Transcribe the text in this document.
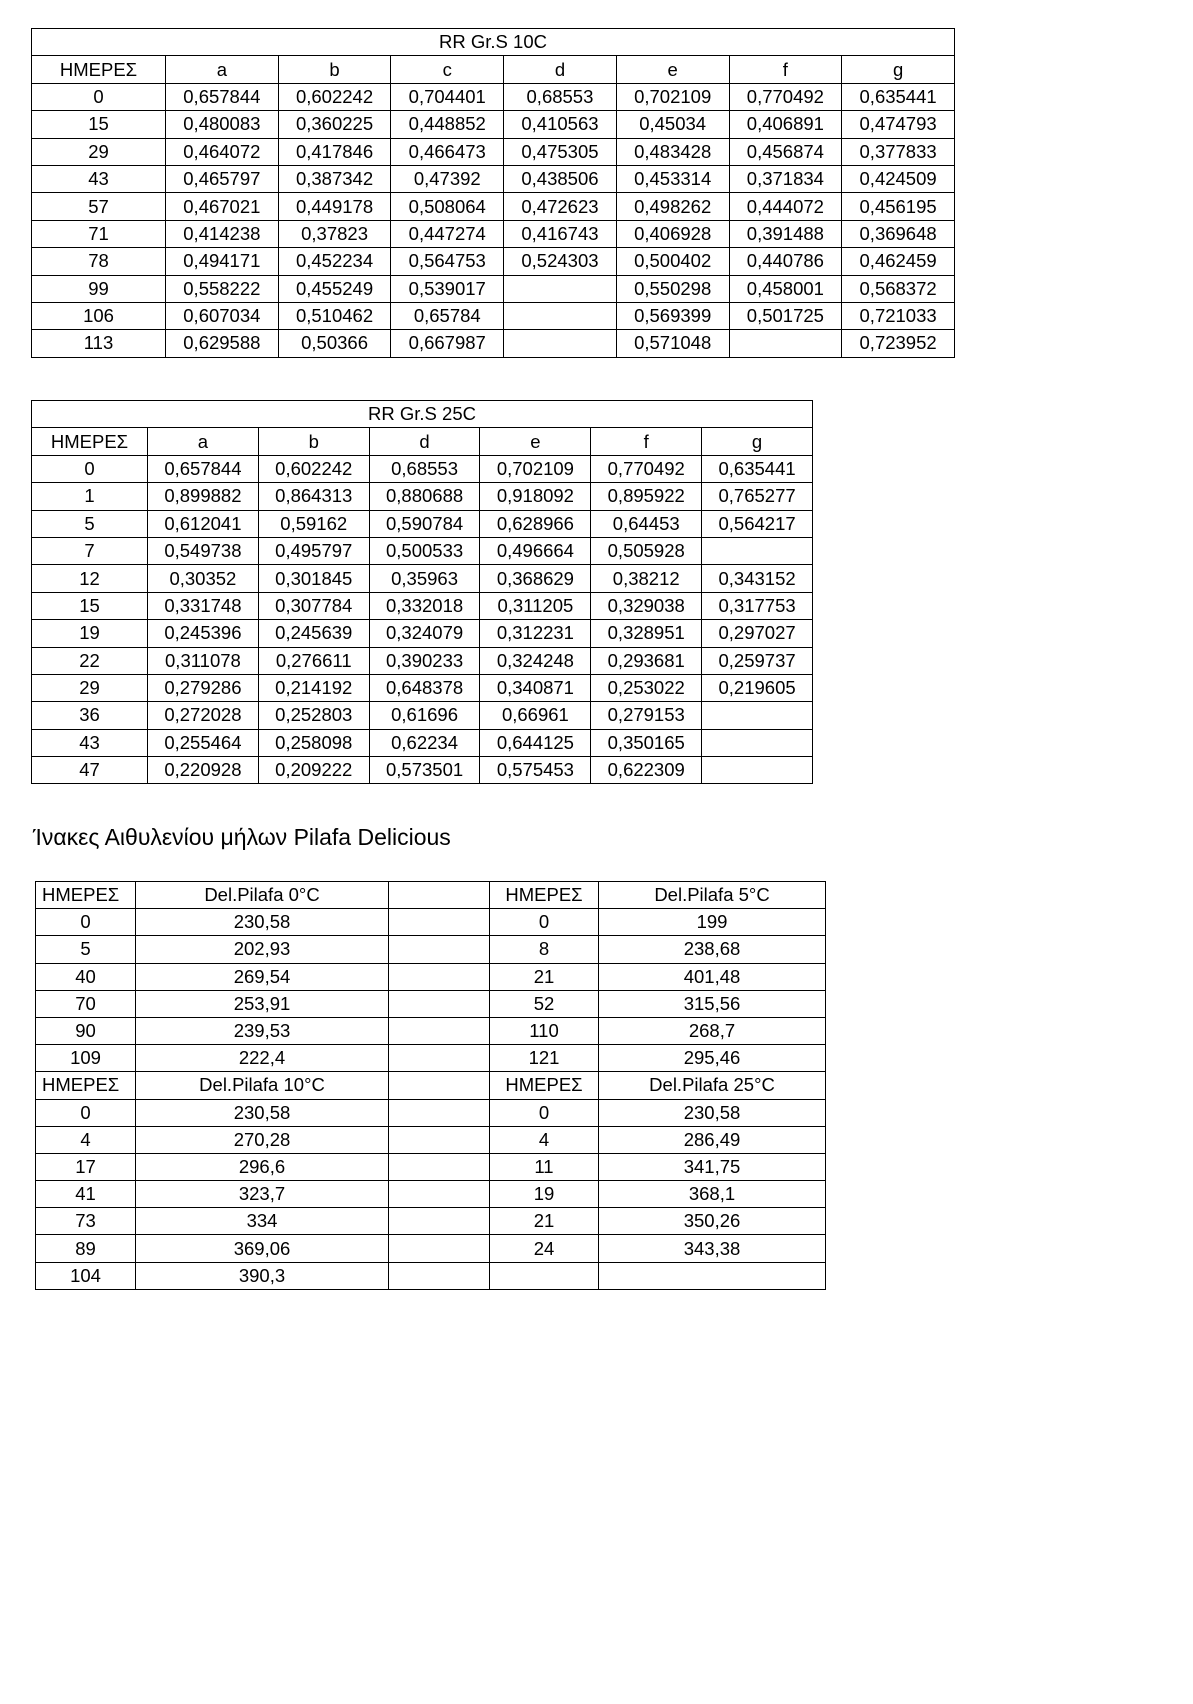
RR Gr.S 10C							
ΗΜΕΡΕΣ	a	b	c	d	e	f	g
0	0,657844	0,602242	0,704401	0,68553	0,702109	0,770492	0,635441
15	0,480083	0,360225	0,448852	0,410563	0,45034	0,406891	0,474793
29	0,464072	0,417846	0,466473	0,475305	0,483428	0,456874	0,377833
43	0,465797	0,387342	0,47392	0,438506	0,453314	0,371834	0,424509
57	0,467021	0,449178	0,508064	0,472623	0,498262	0,444072	0,456195
71	0,414238	0,37823	0,447274	0,416743	0,406928	0,391488	0,369648
78	0,494171	0,452234	0,564753	0,524303	0,500402	0,440786	0,462459
99	0,558222	0,455249	0,539017		0,550298	0,458001	0,568372
106	0,607034	0,510462	0,65784		0,569399	0,501725	0,721033
113	0,629588	0,50366	0,667987		0,571048		0,723952
RR Gr.S 25C						
ΗΜΕΡΕΣ	a	b	d	e	f	g
0	0,657844	0,602242	0,68553	0,702109	0,770492	0,635441
1	0,899882	0,864313	0,880688	0,918092	0,895922	0,765277
5	0,612041	0,59162	0,590784	0,628966	0,64453	0,564217
7	0,549738	0,495797	0,500533	0,496664	0,505928	
12	0,30352	0,301845	0,35963	0,368629	0,38212	0,343152
15	0,331748	0,307784	0,332018	0,311205	0,329038	0,317753
19	0,245396	0,245639	0,324079	0,312231	0,328951	0,297027
22	0,311078	0,276611	0,390233	0,324248	0,293681	0,259737
29	0,279286	0,214192	0,648378	0,340871	0,253022	0,219605
36	0,272028	0,252803	0,61696	0,66961	0,279153	
43	0,255464	0,258098	0,62234	0,644125	0,350165	
47	0,220928	0,209222	0,573501	0,575453	0,622309	
Ίνακες Αιθυλενίου μήλων Pilafa Delicious
ΗΜΕΡΕΣ	Del.Pilafa 0°C		ΗΜΕΡΕΣ	Del.Pilafa 5°C
0	230,58		0	199
5	202,93		8	238,68
40	269,54		21	401,48
70	253,91		52	315,56
90	239,53		110	268,7
109	222,4		121	295,46
ΗΜΕΡΕΣ	Del.Pilafa 10°C		ΗΜΕΡΕΣ	Del.Pilafa 25°C
0	230,58		0	230,58
4	270,28		4	286,49
17	296,6		11	341,75
41	323,7		19	368,1
73	334		21	350,26
89	369,06		24	343,38
104	390,3			
